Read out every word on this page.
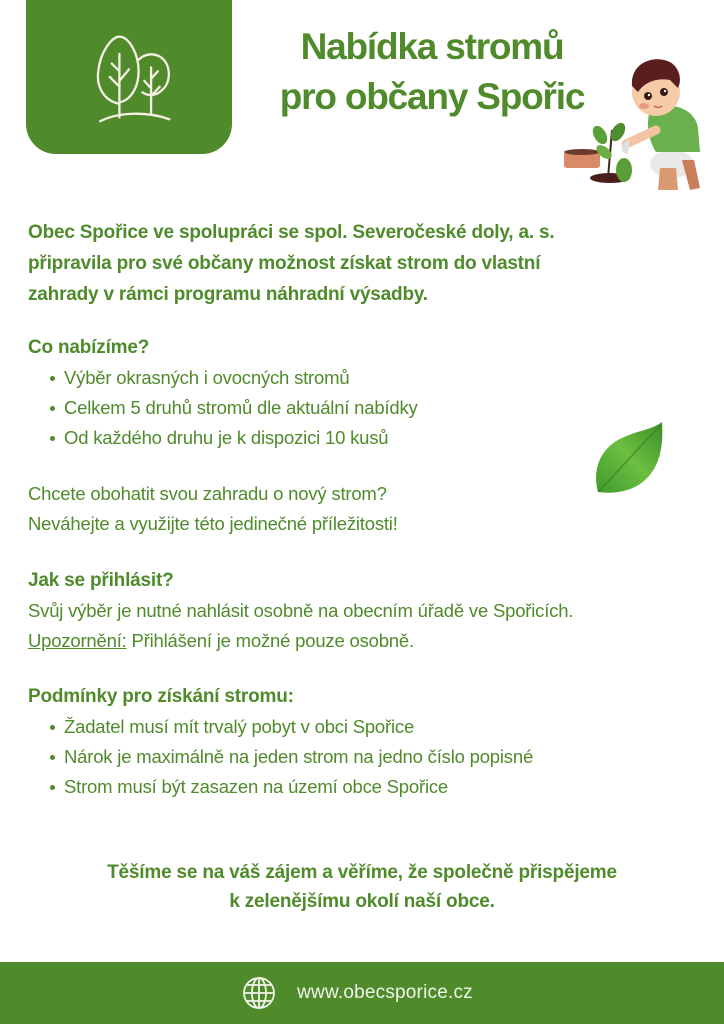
Nabídka stromů
pro občany Spořic
Obec Spořice ve spolupráci se spol. Severočeské doly, a. s.
připravila pro své občany možnost získat strom do vlastní
zahrady v rámci programu náhradní výsadby.
Co nabízíme?
Výběr okrasných i ovocných stromů
Celkem 5 druhů stromů dle aktuální nabídky
Od každého druhu je k dispozici 10 kusů
Chcete obohatit svou zahradu o nový strom?
Neváhejte a využijte této jedinečné příležitosti!
Jak se přihlásit?
Svůj výběr je nutné nahlásit osobně na obecním úřadě ve Spořicích.
Upozornění: Přihlášení je možné pouze osobně.
Podmínky pro získání stromu:
Žadatel musí mít trvalý pobyt v obci Spořice
Nárok je maximálně na jeden strom na jedno číslo popisné
Strom musí být zasazen na území obce Spořice
Těšíme se na váš zájem a věříme, že společně přispějeme
k zelenějšímu okolí naší obce.
www.obecsporice.cz
